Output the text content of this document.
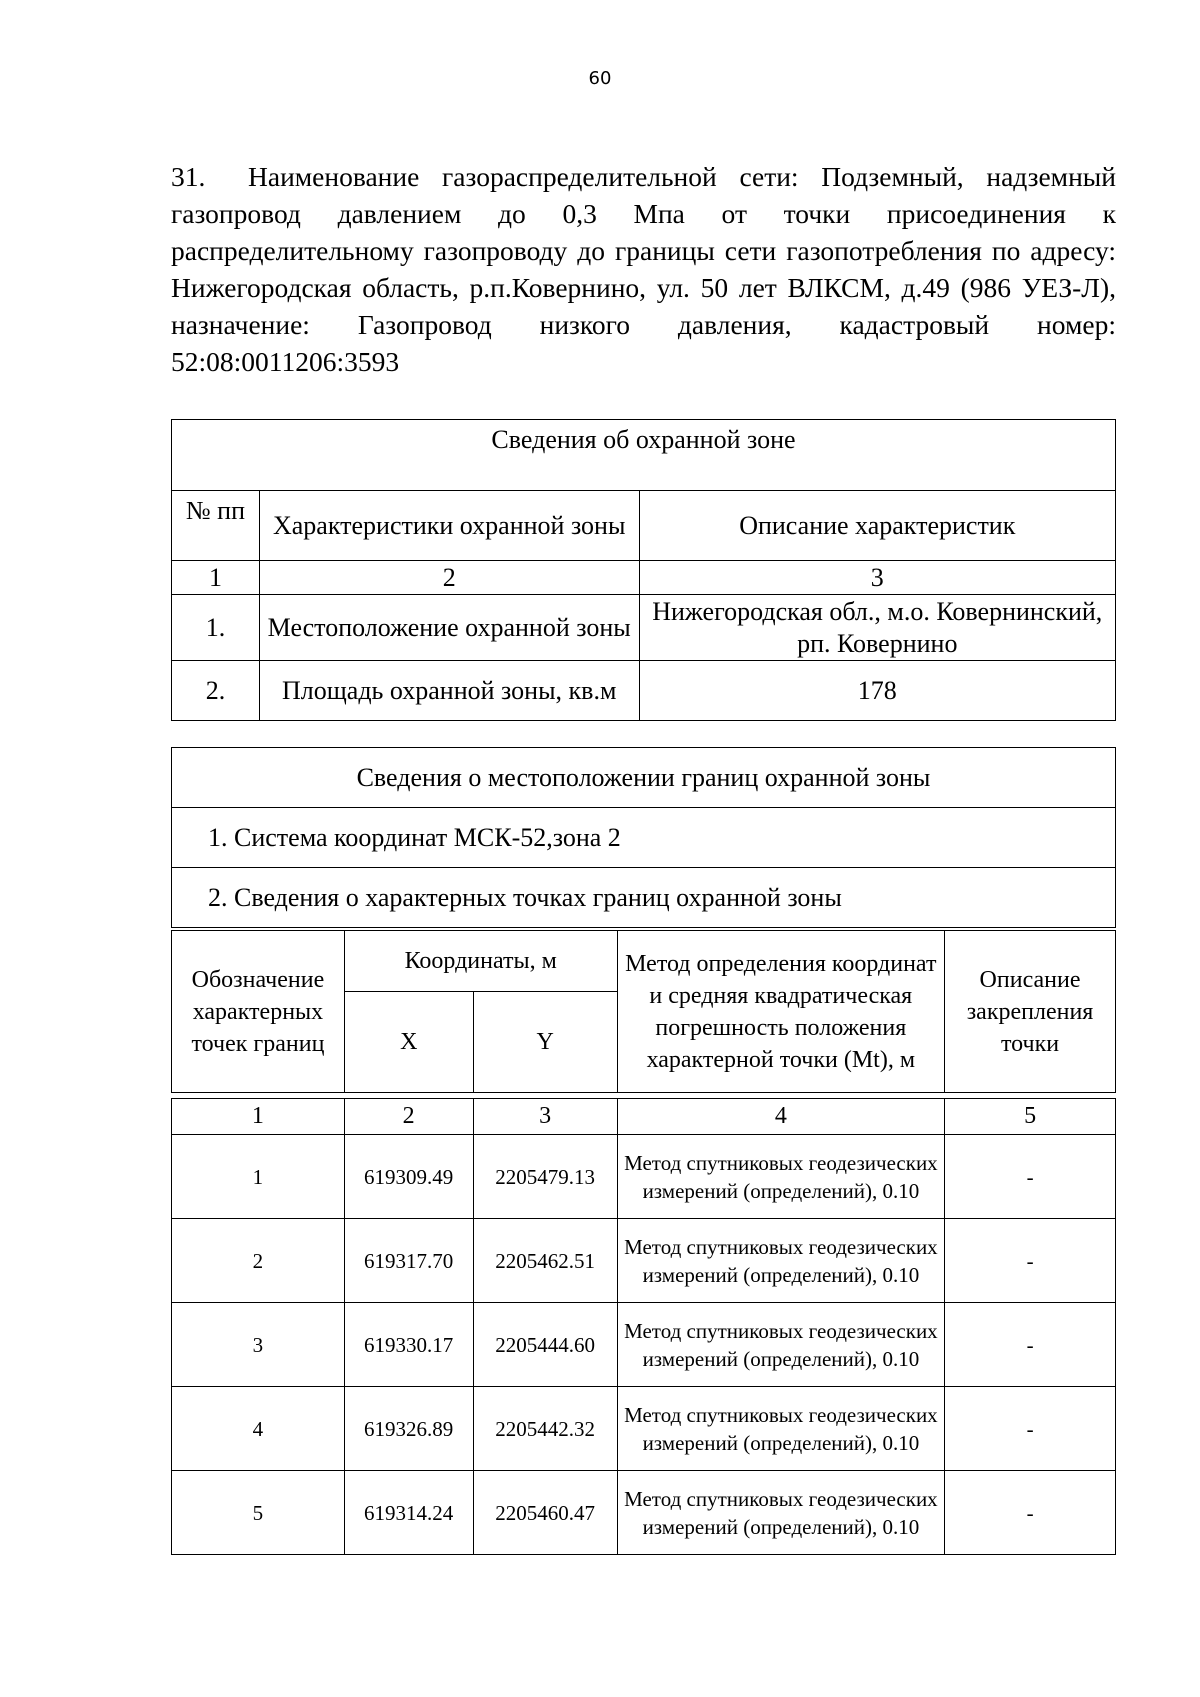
60

31. Наименование газораспределительной сети: Подземный, надземный газопровод давлением до 0,3 Мпа от точки присоединения к распределительному газопроводу до границы сети газопотребления по адресу: Нижегородская область, р.п.Ковернино, ул. 50 лет ВЛКСМ, д.49 (986 УЕЗ-Л), назначение: Газопровод низкого давления, кадастровый номер: 52:08:0011206:3593

Сведения об охранной зоне		
№ пп	Характеристики охранной зоны	Описание характеристик
1	2	3
1.	Местоположение охранной зоны	Нижегородская обл., м.о. Ковернинский, рп. Ковернино
2.	Площадь охранной зоны, кв.м	178
Сведения о местоположении границ охранной зоны
1. Система координат МСК-52,зона 2
2. Сведения о характерных точках границ охранной зоны
Обозначение характерных точек границ	Координаты, м		Метод определения координат и средняя квадратическая погрешность положения характерной точки (Mt), м	Описание закрепления точки
	X	Y		
1	2	3	4	5
1	619309.49	2205479.13	Метод спутниковых геодезических измерений (определений), 0.10	-
2	619317.70	2205462.51	Метод спутниковых геодезических измерений (определений), 0.10	-
3	619330.17	2205444.60	Метод спутниковых геодезических измерений (определений), 0.10	-
4	619326.89	2205442.32	Метод спутниковых геодезических измерений (определений), 0.10	-
5	619314.24	2205460.47	Метод спутниковых геодезических измерений (определений), 0.10	-
